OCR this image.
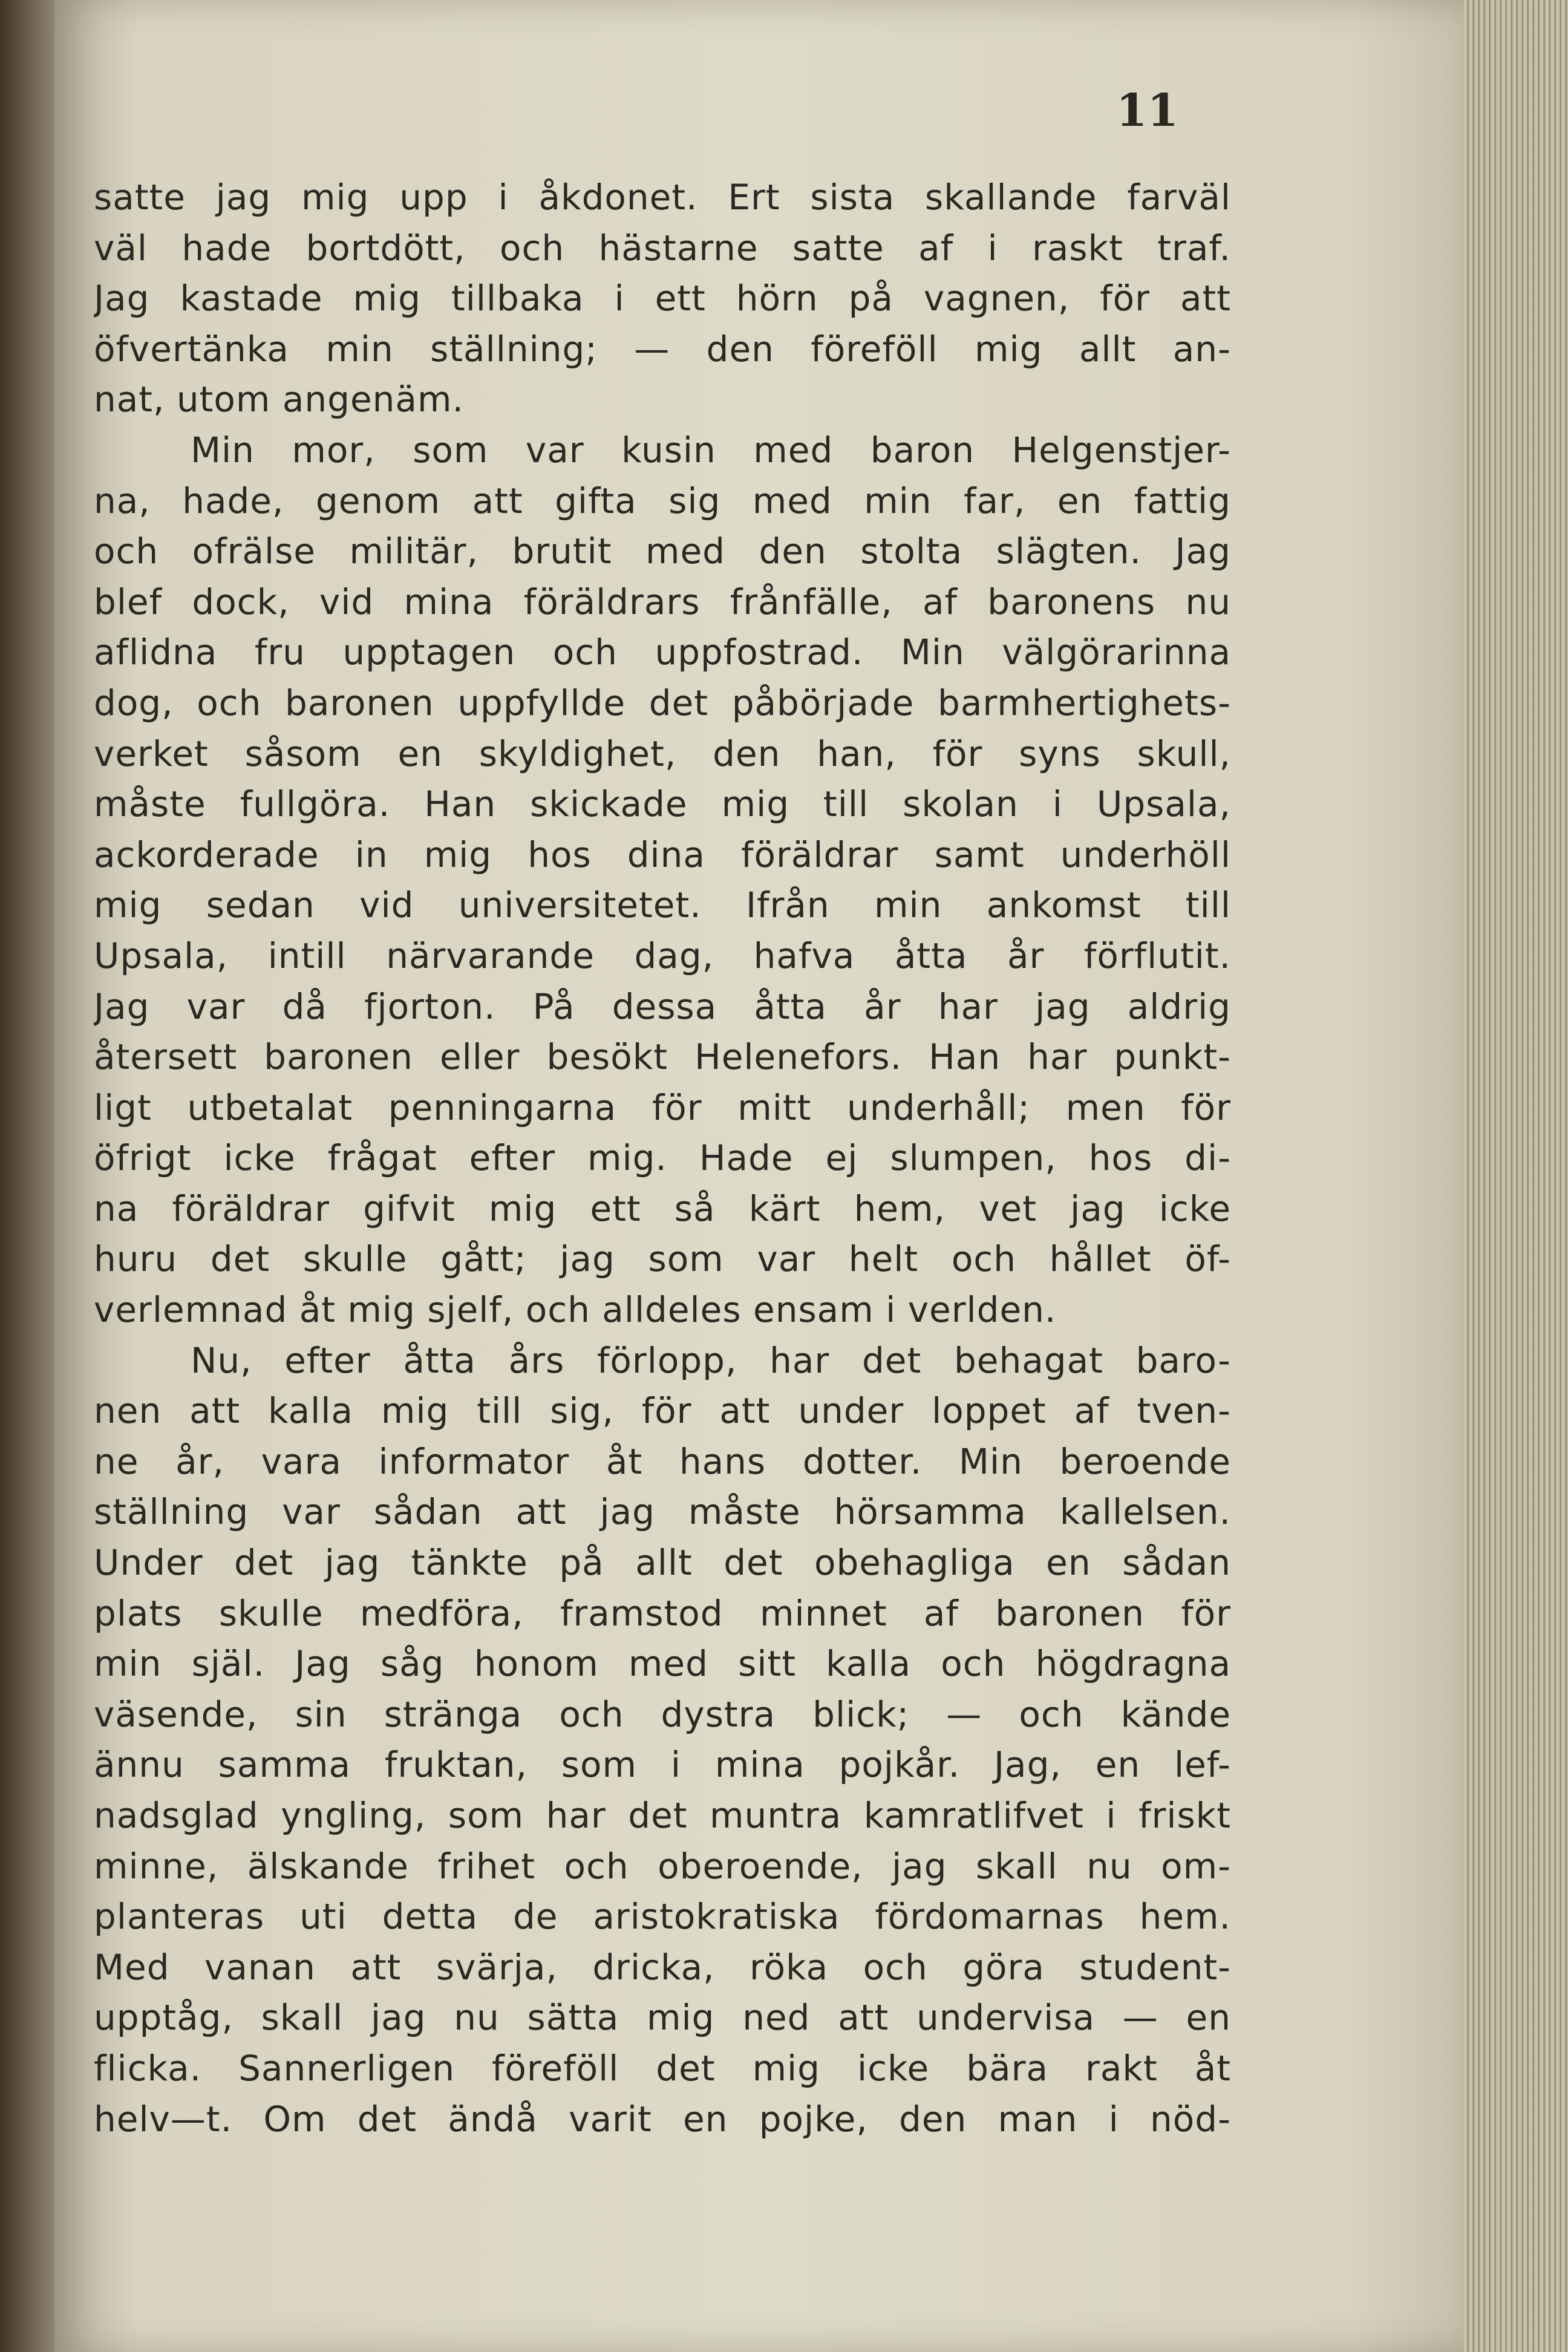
11
satte jag mig upp i åkdonet. Ert sista skallande farväl
väl hade bortdött, och hästarne satte af i raskt traf.
Jag kastade mig tillbaka i ett hörn på vagnen, för att
öfvertänka min ställning; — den föreföll mig allt an-
nat, utom angenäm.
Min mor, som var kusin med baron Helgenstjer-
na, hade, genom att gifta sig med min far, en fattig
och ofrälse militär, brutit med den stolta slägten. Jag
blef dock, vid mina föräldrars frånfälle, af baronens nu
aflidna fru upptagen och uppfostrad. Min välgörarinna
dog, och baronen uppfyllde det påbörjade barmhertighets-
verket såsom en skyldighet, den han, för syns skull,
måste fullgöra. Han skickade mig till skolan i Upsala,
ackorderade in mig hos dina föräldrar samt underhöll
mig sedan vid universitetet. Ifrån min ankomst till
Upsala, intill närvarande dag, hafva åtta år förflutit.
Jag var då fjorton. På dessa åtta år har jag aldrig
återsett baronen eller besökt Helenefors. Han har punkt-
ligt utbetalat penningarna för mitt underhåll; men för
öfrigt icke frågat efter mig. Hade ej slumpen, hos di-
na föräldrar gifvit mig ett så kärt hem, vet jag icke
huru det skulle gått; jag som var helt och hållet öf-
verlemnad åt mig sjelf, och alldeles ensam i verlden.
Nu, efter åtta års förlopp, har det behagat baro-
nen att kalla mig till sig, för att under loppet af tven-
ne år, vara informator åt hans dotter. Min beroende
ställning var sådan att jag måste hörsamma kallelsen.
Under det jag tänkte på allt det obehagliga en sådan
plats skulle medföra, framstod minnet af baronen för
min själ. Jag såg honom med sitt kalla och högdragna
väsende, sin stränga och dystra blick; — och kände
ännu samma fruktan, som i mina pojkår. Jag, en lef-
nadsglad yngling, som har det muntra kamratlifvet i friskt
minne, älskande frihet och oberoende, jag skall nu om-
planteras uti detta de aristokratiska fördomarnas hem.
Med vanan att svärja, dricka, röka och göra student-
upptåg, skall jag nu sätta mig ned att undervisa — en
flicka. Sannerligen föreföll det mig icke bära rakt åt
helv—t. Om det ändå varit en pojke, den man i nöd-
